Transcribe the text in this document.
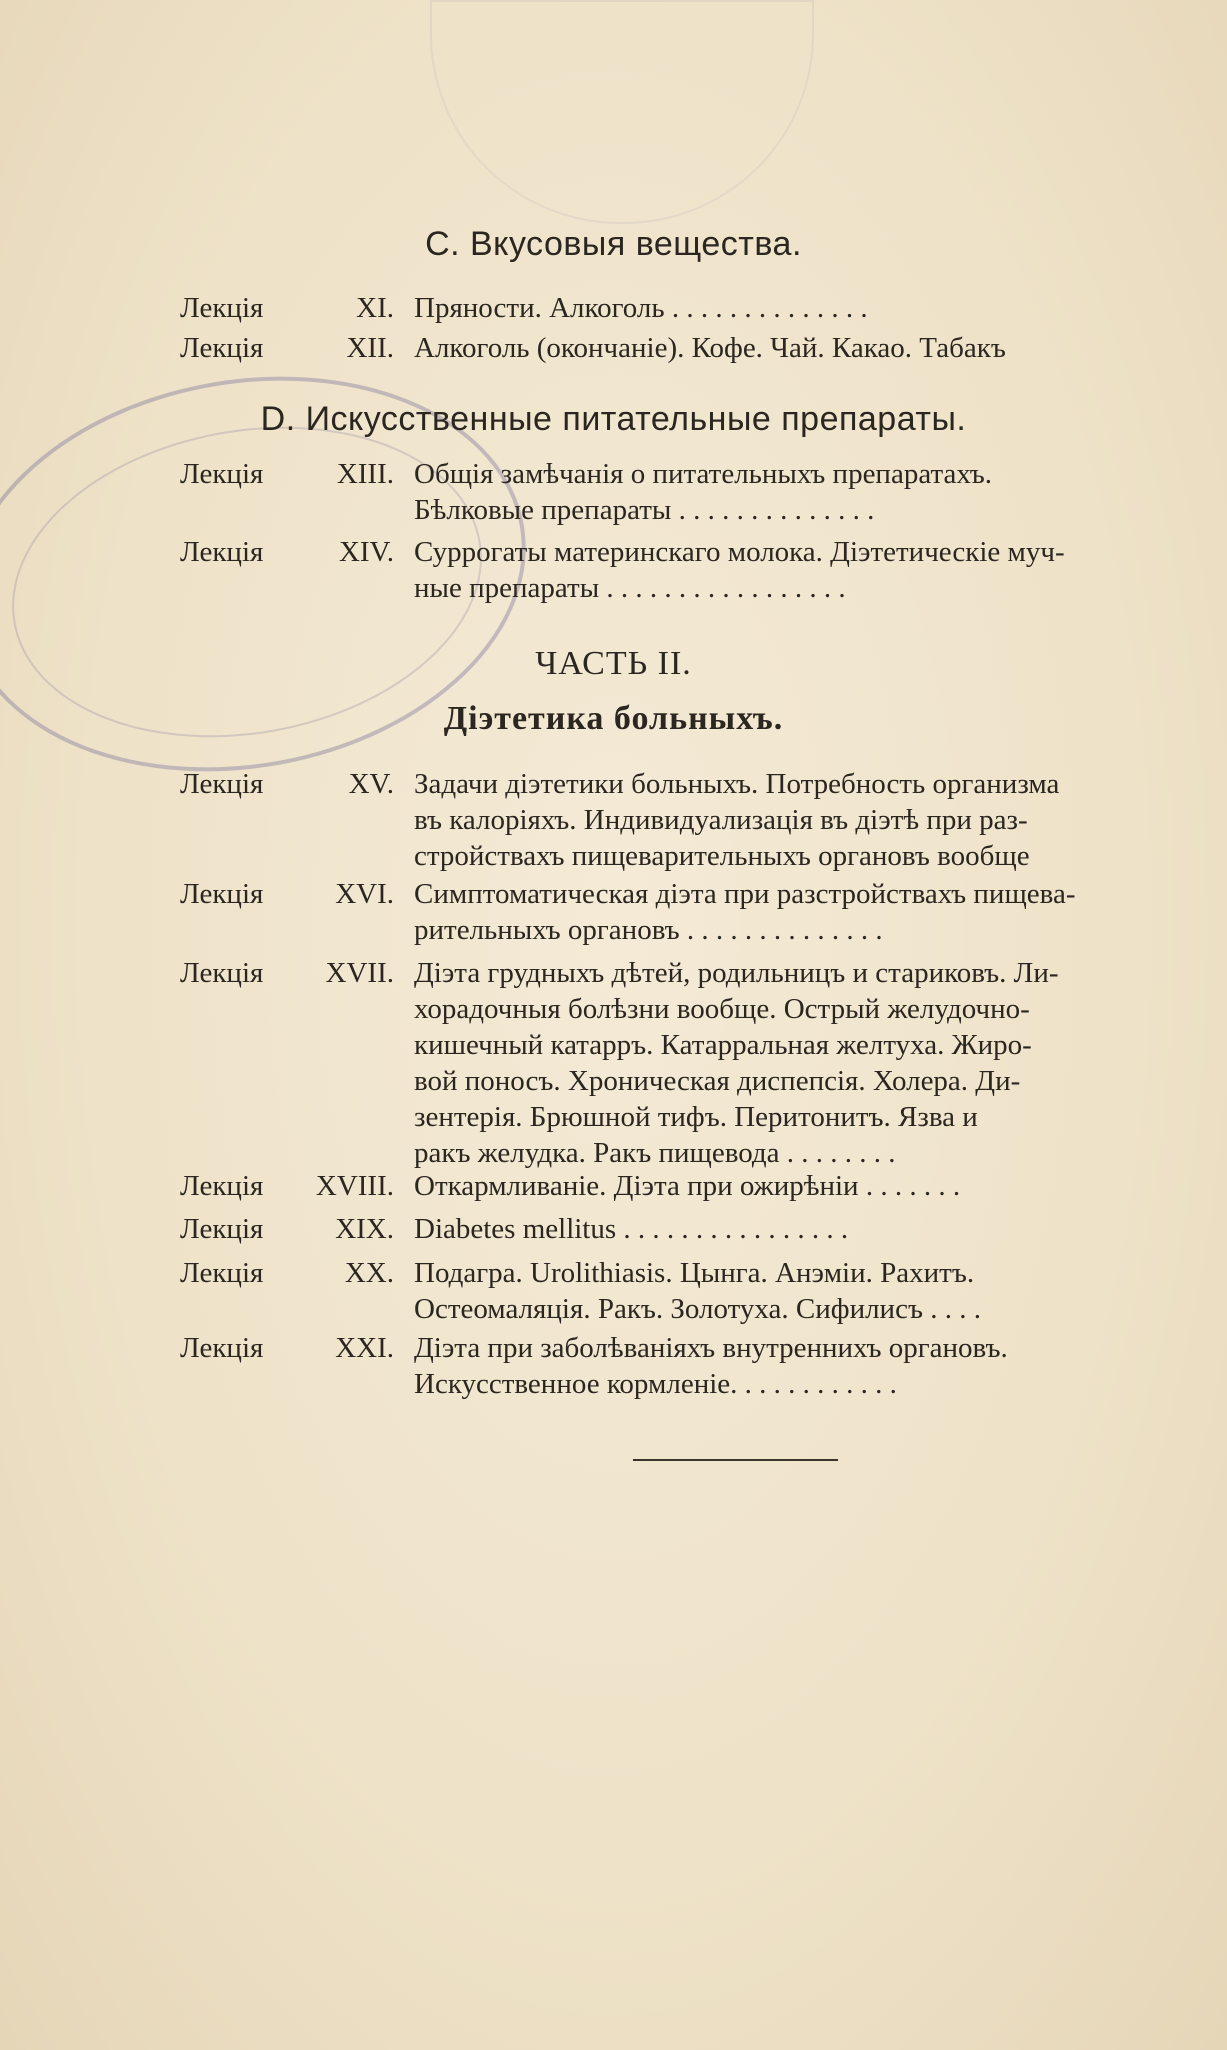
C. Вкусовыя вещества.
Лекція	XI. Пряности. Алкоголь . . . . . . . . . . . . . .
Лекція	XII. Алкоголь (окончаніе). Кофе. Чай. Какао. Табакъ
D. Искусственные питательные препараты.
Лекція	XIII. Общія замѣчанія о питательныхъ препаратахъ.
Бѣлковые препараты . . . . . . . . . . . . . .
Лекція	XIV. Суррогаты материнскаго молока. Діэтетическіе муч-
ные препараты . . . . . . . . . . . . . . . . .
ЧАСТЬ II.
Діэтетика больныхъ.
Лекція	XV. Задачи діэтетики больныхъ. Потребность организма
въ калоріяхъ. Индивидуализація въ діэтѣ при раз-
стройствахъ пищеварительныхъ органовъ вообще
Лекція	XVI. Симптоматическая діэта при разстройствахъ пищева-
рительныхъ органовъ . . . . . . . . . . . . . .
Лекція	XVII. Діэта грудныхъ дѣтей, родильницъ и стариковъ. Ли-
хорадочныя болѣзни вообще. Острый желудочно-
кишечный катарръ. Катарральная желтуха. Жиро-
вой поносъ. Хроническая диспепсія. Холера. Ди-
зентерія. Брюшной тифъ. Перитонитъ. Язва и
ракъ желудка. Ракъ пищевода . . . . . . . .
Лекція	XVIII. Откармливаніе. Діэта при ожирѣніи . . . . . . .
Лекція	XIX. Diabetes mellitus . . . . . . . . . . . . . . . .
Лекція	XX. Подагра. Urolithiasis. Цынга. Анэміи. Рахитъ.
Остеомаляція. Ракъ. Золотуха. Сифилисъ . . . .
Лекція	XXI. Діэта при заболѣваніяхъ внутреннихъ органовъ.
Искусственное кормленіе. . . . . . . . . . . .
